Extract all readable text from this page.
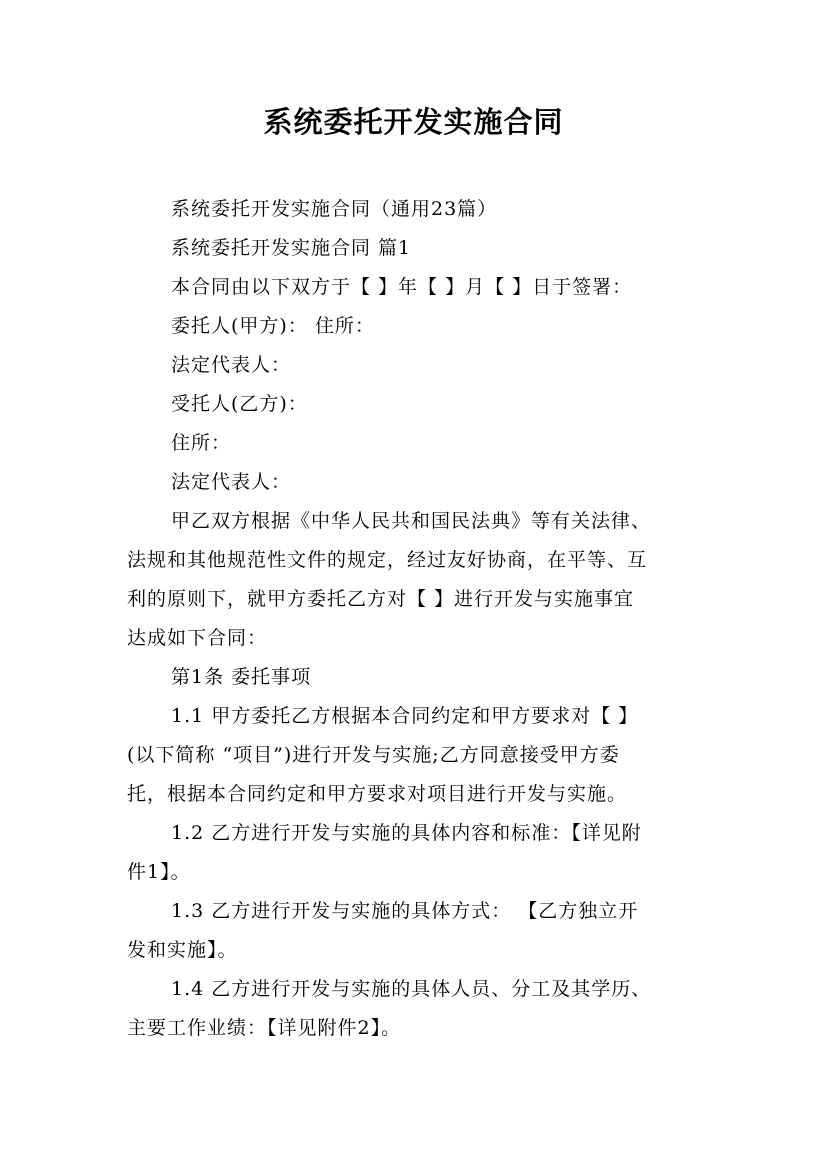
系统委托开发实施合同

系统委托开发实施合同（通用23篇）

系统委托开发实施合同 篇1

本合同由以下双方于【 】年【 】月【 】日于签署：

委托人(甲方)： 住所：

法定代表人：

受托人(乙方)：

住所：

法定代表人：

甲乙双方根据《中华人民共和国民法典》等有关法律、

法规和其他规范性文件的规定，经过友好协商，在平等、互

利的原则下，就甲方委托乙方对【 】进行开发与实施事宜

达成如下合同：

第1条 委托事项

1.1 甲方委托乙方根据本合同约定和甲方要求对【 】

(以下简称 “项目”)进行开发与实施;乙方同意接受甲方委

托，根据本合同约定和甲方要求对项目进行开发与实施。

1.2 乙方进行开发与实施的具体内容和标准：【详见附

件1】。

1.3 乙方进行开发与实施的具体方式： 【乙方独立开

发和实施】。

1.4 乙方进行开发与实施的具体人员、分工及其学历、

主要工作业绩：【详见附件2】。
